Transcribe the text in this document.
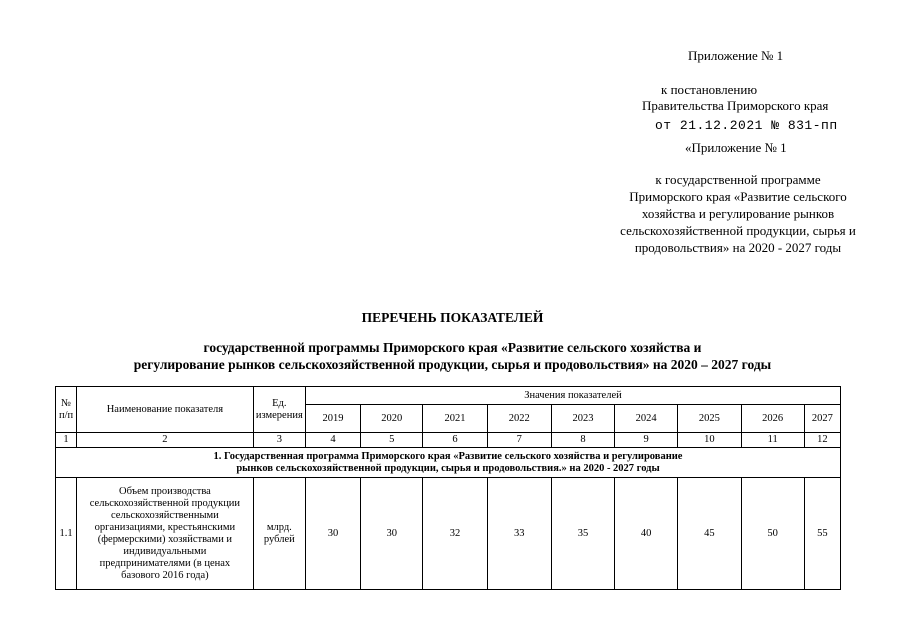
Приложение № 1
к постановлению
Правительства Приморского края
от 21.12.2021 № 831-пп
«Приложение № 1
к государственной программе
Приморского края «Развитие сельского
хозяйства и регулирование рынков
сельскохозяйственной продукции, сырья и
продовольствия» на 2020 - 2027 годы
ПЕРЕЧЕНЬ ПОКАЗАТЕЛЕЙ
государственной программы Приморского края «Развитие сельского хозяйства и
регулирование рынков сельскохозяйственной продукции, сырья и продовольствия» на 2020 – 2027 годы
№ п/п	Наименование показателя	Ед. измерения	Значения показателей								
			2019	2020	2021	2022	2023	2024	2025	2026	2027
1	2	3	4	5	6	7	8	9	10	11	12

1. Государственная программа Приморского края «Развитие сельского хозяйства и регулирование
рынков сельскохозяйственной продукции, сырья и продовольствия.» на 2020 - 2027 годы											

1.1	Объем производства сельскохозяйственной продукции сельскохозяйственными организациями, крестьянскими (фермерскими) хозяйствами и индивидуальными предпринимателями (в ценах базового 2016 года)	млрд. рублей	30	30	32	33	35	40	45	50	55
